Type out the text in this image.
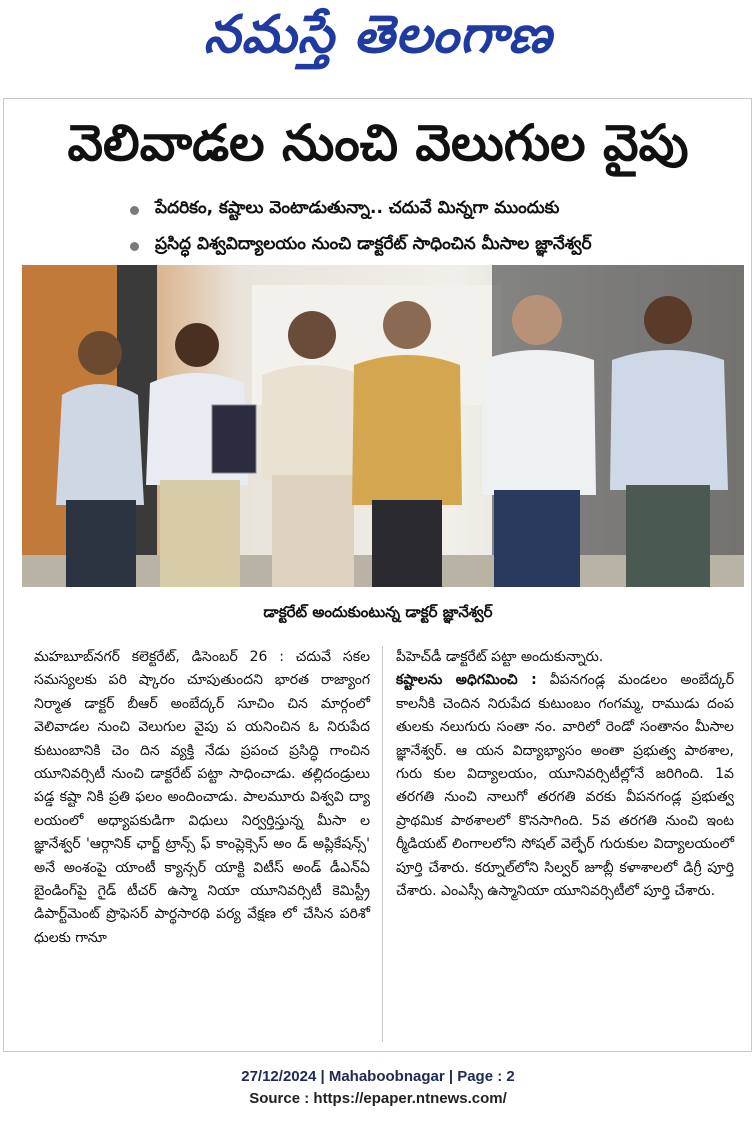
నమస్తే తెలంగాణ
వెలివాడల నుంచి వెలుగుల వైపు
పేదరికం, కష్టాలు వెంటాడుతున్నా.. చదువే మిన్నగా ముందుకు
ప్రసిద్ధ విశ్వవిద్యాలయం నుంచి డాక్టరేట్ సాధించిన మీసాల జ్ఞానేశ్వర్
డాక్టరేట్ అందుకుంటున్న డాక్టర్ జ్ఞానేశ్వర్
మహబూబ్‌నగర్ కలెక్టరేట్, డిసెంబర్ 26 : చదువే సకల సమస్యలకు పరి ష్కారం చూపుతుందని భారత రాజ్యాంగ నిర్మాత డాక్టర్ బీఆర్ అంబేద్కర్ సూచిం చిన మార్గంలో వెలివాడల నుంచి వెలుగుల వైపు ప యనించిన ఓ నిరుపేద కుటుంబానికి చెం దిన వ్యక్తి నేడు ప్రపంచ ప్రసిద్ధి గాంచిన యూనివర్సిటీ నుంచి డాక్టరేట్ పట్టా సాధించాడు. తల్లిదండ్రులు పడ్డ కష్టా నికి ప్రతి ఫలం అందించాడు. పాలమూరు విశ్వవి ద్యా లయంలో అధ్యాపకుడిగా విధులు నిర్వర్తిస్తున్న మీసా ల జ్ఞానేశ్వర్ 'ఆర్గానిక్ ఛార్జ్ ట్రాన్స్ ఫ్ కాంప్లెక్సెస్ అం డ్ అప్లికేషన్స్' అనే అంశంపై యాంటీ క్యాన్సర్ యాక్టి విటీస్ అండ్ డీఎన్ఏ బైండింగ్‌పై గైడ్ టీచర్ ఉస్మా నియా యూనివర్సిటీ కెమిస్ట్రీ డిపార్ట్‌మెంట్ ప్రొఫెసర్ పార్థసారథి పర్య వేక్షణ లో చేసిన పరిశో ధులకు గానూ
పీహెచ్‌డీ డాక్టరేట్ పట్టా అందుకున్నారు.
కష్టాలను అధిగమించి : వీపనగండ్ల మండలం అంబేద్కర్ కాలనీకి చెందిన నిరుపేద కుటుంబం గంగమ్మ, రాముడు దంప తులకు నలుగురు సంతా నం. వారిలో రెండో సంతానం మీసాల జ్ఞానేశ్వర్. ఆ యన విద్యాభ్యాసం అంతా ప్రభుత్వ పాఠశాల, గురు కుల విద్యాలయం, యూనివర్సిటీల్లోనే జరిగింది. 1వ తరగతి నుంచి నాలుగో తరగతి వరకు వీపనగండ్ల ప్రభుత్వ ప్రాథమిక పాఠశాలలో కొనసాగింది. 5వ తరగతి నుంచి ఇంట ర్మీడియట్ లింగాలలోని సోషల్ వెల్ఫేర్ గురుకుల విద్యాలయంలో పూర్తి చేశారు. కర్నూల్‌లోని సిల్వర్ జూబ్లీ కళాశాలలో డిగ్రీ పూర్తి చేశారు. ఎంఎస్సీ ఉస్మానియా యూనివర్సిటీలో పూర్తి చేశారు.
27/12/2024 | Mahaboobnagar | Page : 2
Source : https://epaper.ntnews.com/
